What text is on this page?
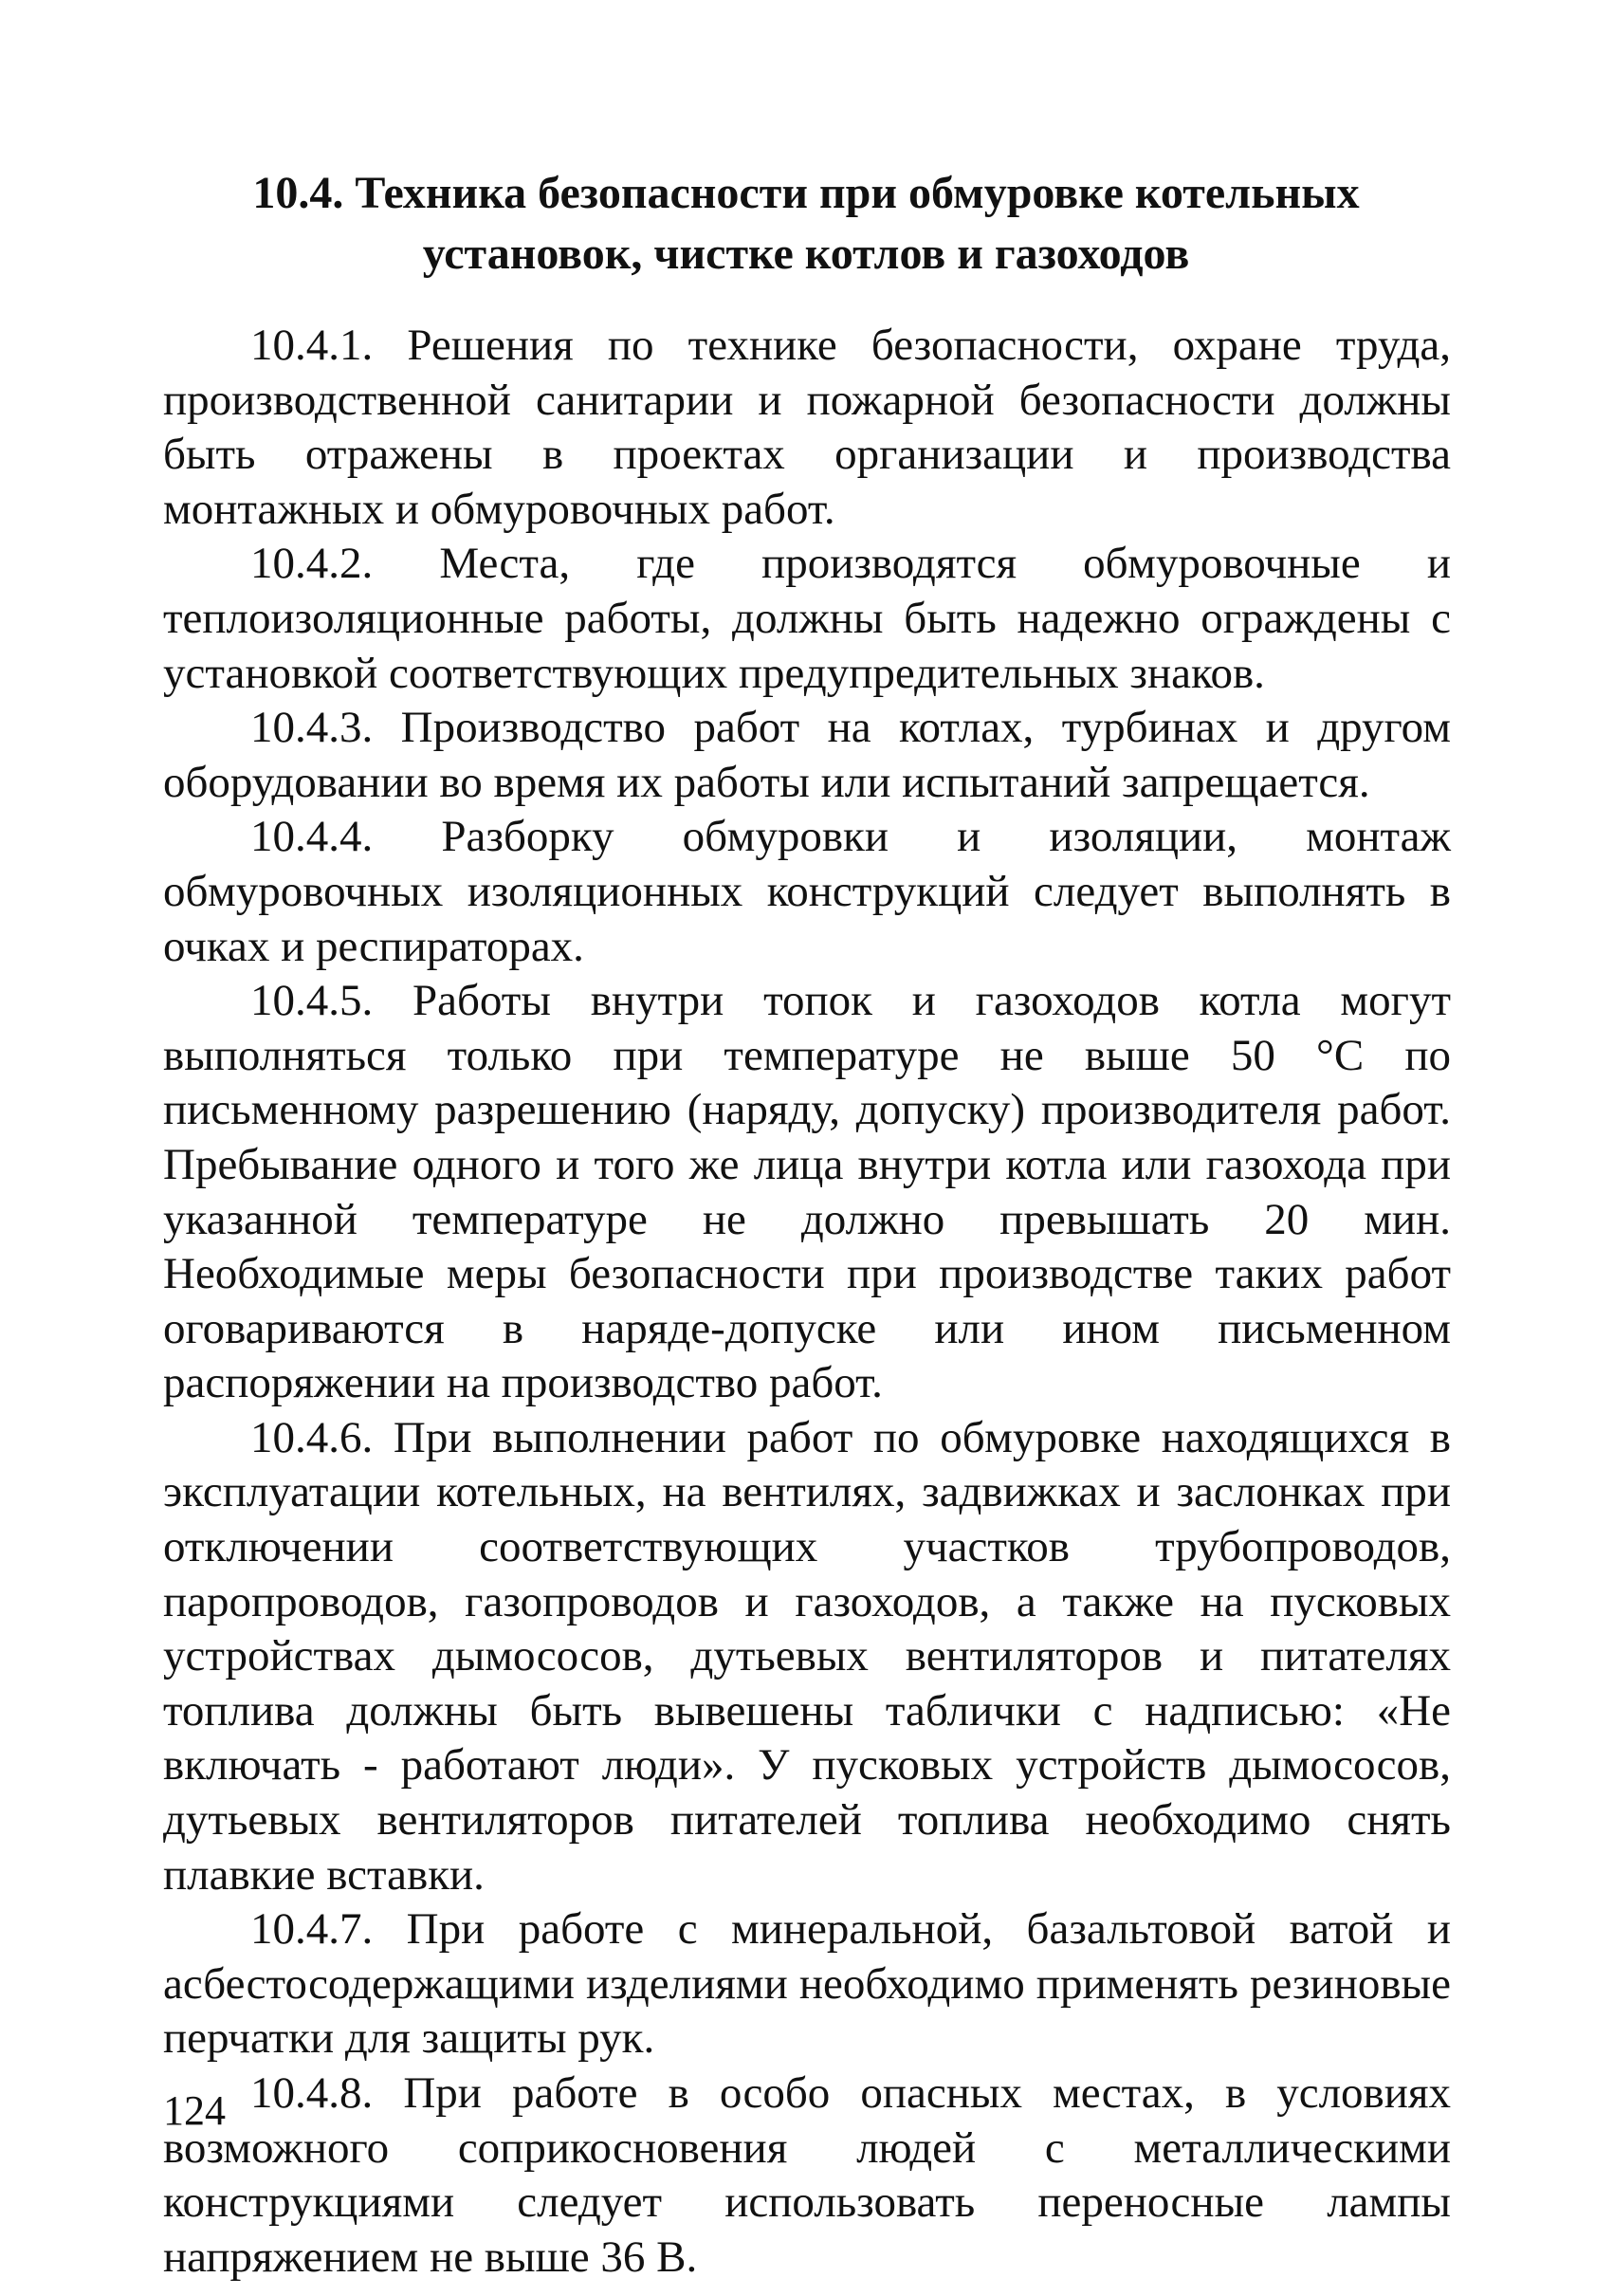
10.4. Техника безопасности при обмуровке котельных
установок, чистке котлов и газоходов

10.4.1. Решения по технике безопасности, охране труда, производственной санитарии и пожарной безопасности должны быть отражены в проектах организации и производства монтажных и обмуровочных работ.

10.4.2. Места, где производятся обмуровочные и теплоизоляционные работы, должны быть надежно ограждены с установкой соответствующих предупредительных знаков.

10.4.3. Производство работ на котлах, турбинах и другом оборудовании во время их работы или испытаний запрещается.

10.4.4. Разборку обмуровки и изоляции, монтаж обмуровочных изоляционных конструкций следует выполнять в очках и респираторах.

10.4.5. Работы внутри топок и газоходов котла могут выполняться только при температуре не выше 50 °С по письменному разрешению (наряду, допуску) производителя работ. Пребывание одного и того же лица внутри котла или газохода при указанной температуре не должно превышать 20 мин. Необходимые меры безопасности при производстве таких работ оговариваются в наряде-допуске или ином письменном распоряжении на производство работ.

10.4.6. При выполнении работ по обмуровке находящихся в эксплуатации котельных, на вентилях, задвижках и заслонках при отключении соответствующих участков трубопроводов, паропроводов, газопроводов и газоходов, а также на пусковых устройствах дымососов, дутьевых вентиляторов и питателях топлива должны быть вывешены таблички с надписью: «Не включать - работают люди». У пусковых устройств дымососов, дутьевых вентиляторов питателей топлива необходимо снять плавкие вставки.

10.4.7. При работе с минеральной, базальтовой ватой и асбестосодержащими изделиями необходимо применять резиновые перчатки для защиты рук.

10.4.8. При работе в особо опасных местах, в условиях возможного соприкосновения людей с металлическими конструкциями следует использовать переносные лампы напряжением не выше 36 В.

124
